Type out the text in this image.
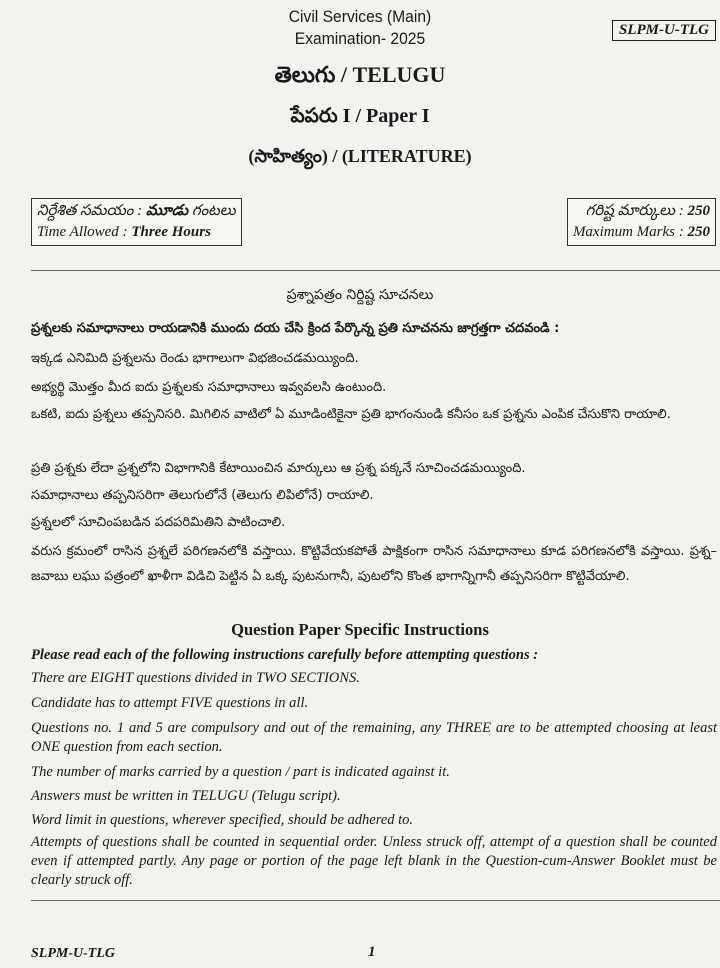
Civil Services (Main)
Examination- 2025	SLPM-U-TLG
తెలుగు / TELUGU
పేపరు I / Paper I
(సాహిత్యం) / (LITERATURE)
నిర్దేశిత సమయం : మూడు గంటలు
Time Allowed : Three Hours
గరిష్ట మార్కులు : 250
Maximum Marks : 250
ప్రశ్నాపత్రం నిర్దిష్ట సూచనలు
ప్రశ్నలకు సమాధానాలు రాయడానికి ముందు దయ చేసి క్రింద పేర్కొన్న ప్రతి సూచనను జాగ్రత్తగా చదవండి :
ఇక్కడ ఎనిమిది ప్రశ్నలను రెండు భాగాలుగా విభజించడమయ్యింది.
అభ్యర్థి మొత్తం మీద ఐదు ప్రశ్నలకు సమాధానాలు ఇవ్వవలసి ఉంటుంది.
ఒకటి, ఐదు ప్రశ్నలు తప్పనిసరి. మిగిలిన వాటిలో ఏ మూడింటికైనా ప్రతి భాగంనుండి కనీసం ఒక ప్రశ్నను ఎంపిక చేసుకొని రాయాలి.
ప్రతి ప్రశ్నకు లేదా ప్రశ్నలోని విభాగానికి కేటాయించిన మార్కులు ఆ ప్రశ్న పక్కనే సూచించడమయ్యింది.
సమాధానాలు తప్పనిసరిగా తెలుగులోనే (తెలుగు లిపిలోనే) రాయాలి.
ప్రశ్నలలో సూచింపబడిన పదపరిమితిని పాటించాలి.
వరుస క్రమంలో రాసిన ప్రశ్నలే పరిగణనలోకి వస్తాయి. కొట్టివేయకపోతే పాక్షికంగా రాసిన సమాధానాలు కూడ పరిగణనలోకి వస్తాయి. ప్రశ్న–జవాబు లఘు పత్రంలో ఖాళీగా విడిచి పెట్టిన ఏ ఒక్క పుటనుగానీ, పుటలోని కొంత భాగాన్నిగానీ తప్పనిసరిగా కొట్టివేయాలి.
Question Paper Specific Instructions
Please read each of the following instructions carefully before attempting questions :
There are EIGHT questions divided in TWO SECTIONS.
Candidate has to attempt FIVE questions in all.
Questions no. 1 and 5 are compulsory and out of the remaining, any THREE are to be attempted choosing at least ONE question from each section.
The number of marks carried by a question / part is indicated against it.
Answers must be written in TELUGU (Telugu script).
Word limit in questions, wherever specified, should be adhered to.
Attempts of questions shall be counted in sequential order. Unless struck off, attempt of a question shall be counted even if attempted partly. Any page or portion of the page left blank in the Question-cum-Answer Booklet must be clearly struck off.
SLPM-U-TLG	1
